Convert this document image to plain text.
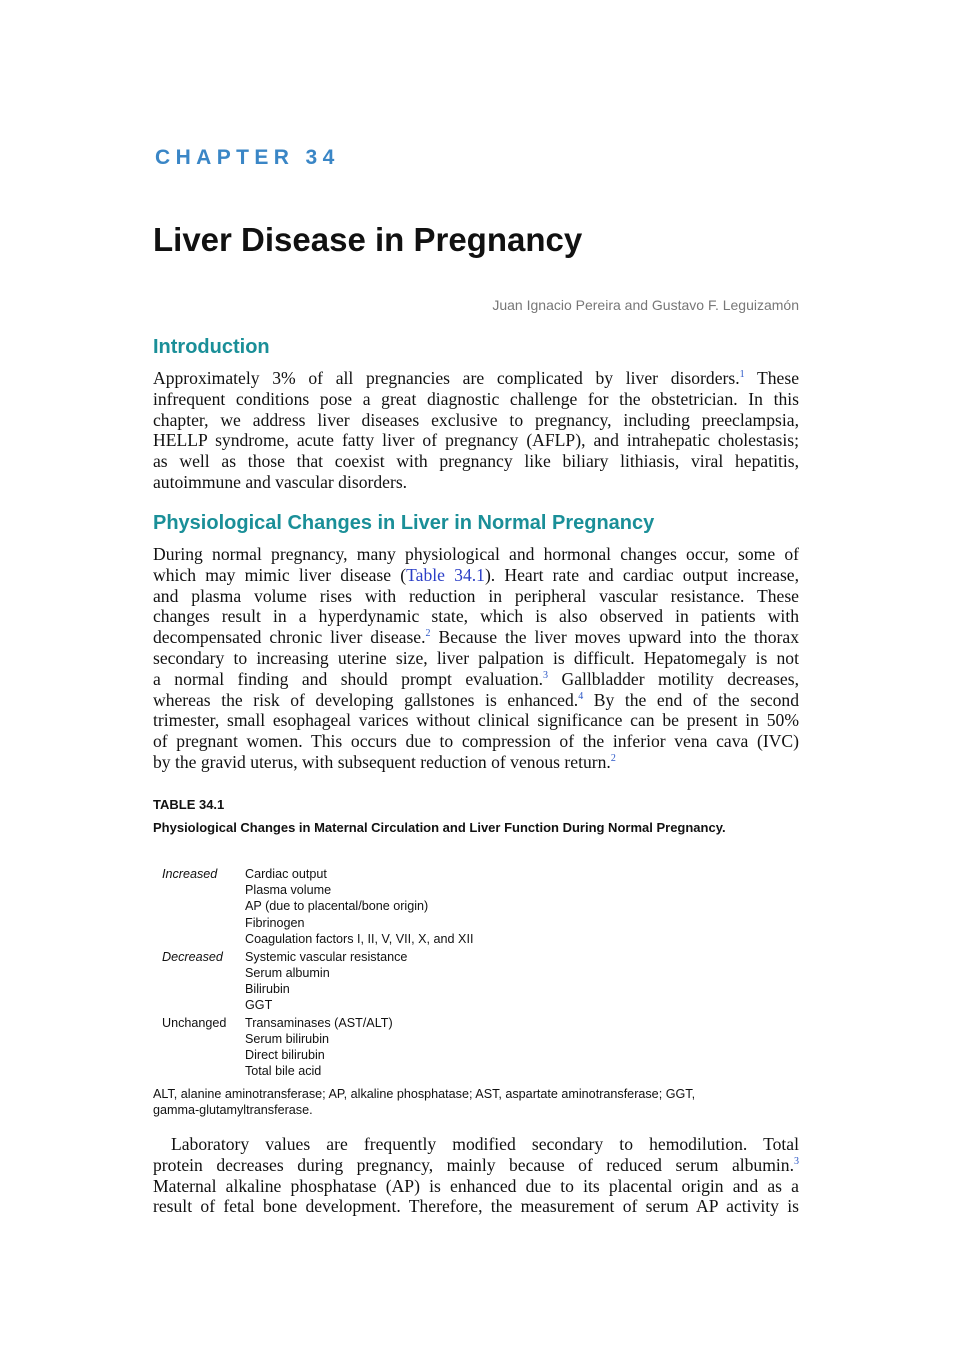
CHAPTER 34
Liver Disease in Pregnancy
Juan Ignacio Pereira and Gustavo F. Leguizamón
Introduction
Approximately 3% of all pregnancies are complicated by liver disorders.$^1$ These
infrequent conditions pose a great diagnostic challenge for the obstetrician. In this
chapter, we address liver diseases exclusive to pregnancy, including preeclampsia,
HELLP syndrome, acute fatty liver of pregnancy (AFLP), and intrahepatic cholestasis;
as well as those that coexist with pregnancy like biliary lithiasis, viral hepatitis,
autoimmune and vascular disorders.
Physiological Changes in Liver in Normal Pregnancy
During normal pregnancy, many physiological and hormonal changes occur, some of
which may mimic liver disease (Table 34.1). Heart rate and cardiac output increase,
and plasma volume rises with reduction in peripheral vascular resistance. These
changes result in a hyperdynamic state, which is also observed in patients with
decompensated chronic liver disease.$^2$ Because the liver moves upward into the thorax
secondary to increasing uterine size, liver palpation is difficult. Hepatomegaly is not
a normal finding and should prompt evaluation.$^3$ Gallbladder motility decreases,
whereas the risk of developing gallstones is enhanced.$^4$ By the end of the second
trimester, small esophageal varices without clinical significance can be present in 50%
of pregnant women. This occurs due to compression of the inferior vena cava (IVC)
by the gravid uterus, with subsequent reduction of venous return.$^2$
TABLE 34.1
Physiological Changes in Maternal Circulation and Liver Function During Normal Pregnancy.
Increased Cardiac output
Plasma volume
AP (due to placental/bone origin)
Fibrinogen
Coagulation factors I, II, V, VII, X, and XII
Decreased Systemic vascular resistance
Serum albumin
Bilirubin
GGT
Unchanged Transaminases (AST/ALT)
Serum bilirubin
Direct bilirubin
Total bile acid
ALT, alanine aminotransferase; AP, alkaline phosphatase; AST, aspartate aminotransferase; GGT,
gamma-glutamyltransferase.
Laboratory values are frequently modified secondary to hemodilution. Total
protein decreases during pregnancy, mainly because of reduced serum albumin.$^3$
Maternal alkaline phosphatase (AP) is enhanced due to its placental origin and as a
result of fetal bone development. Therefore, the measurement of serum AP activity is
